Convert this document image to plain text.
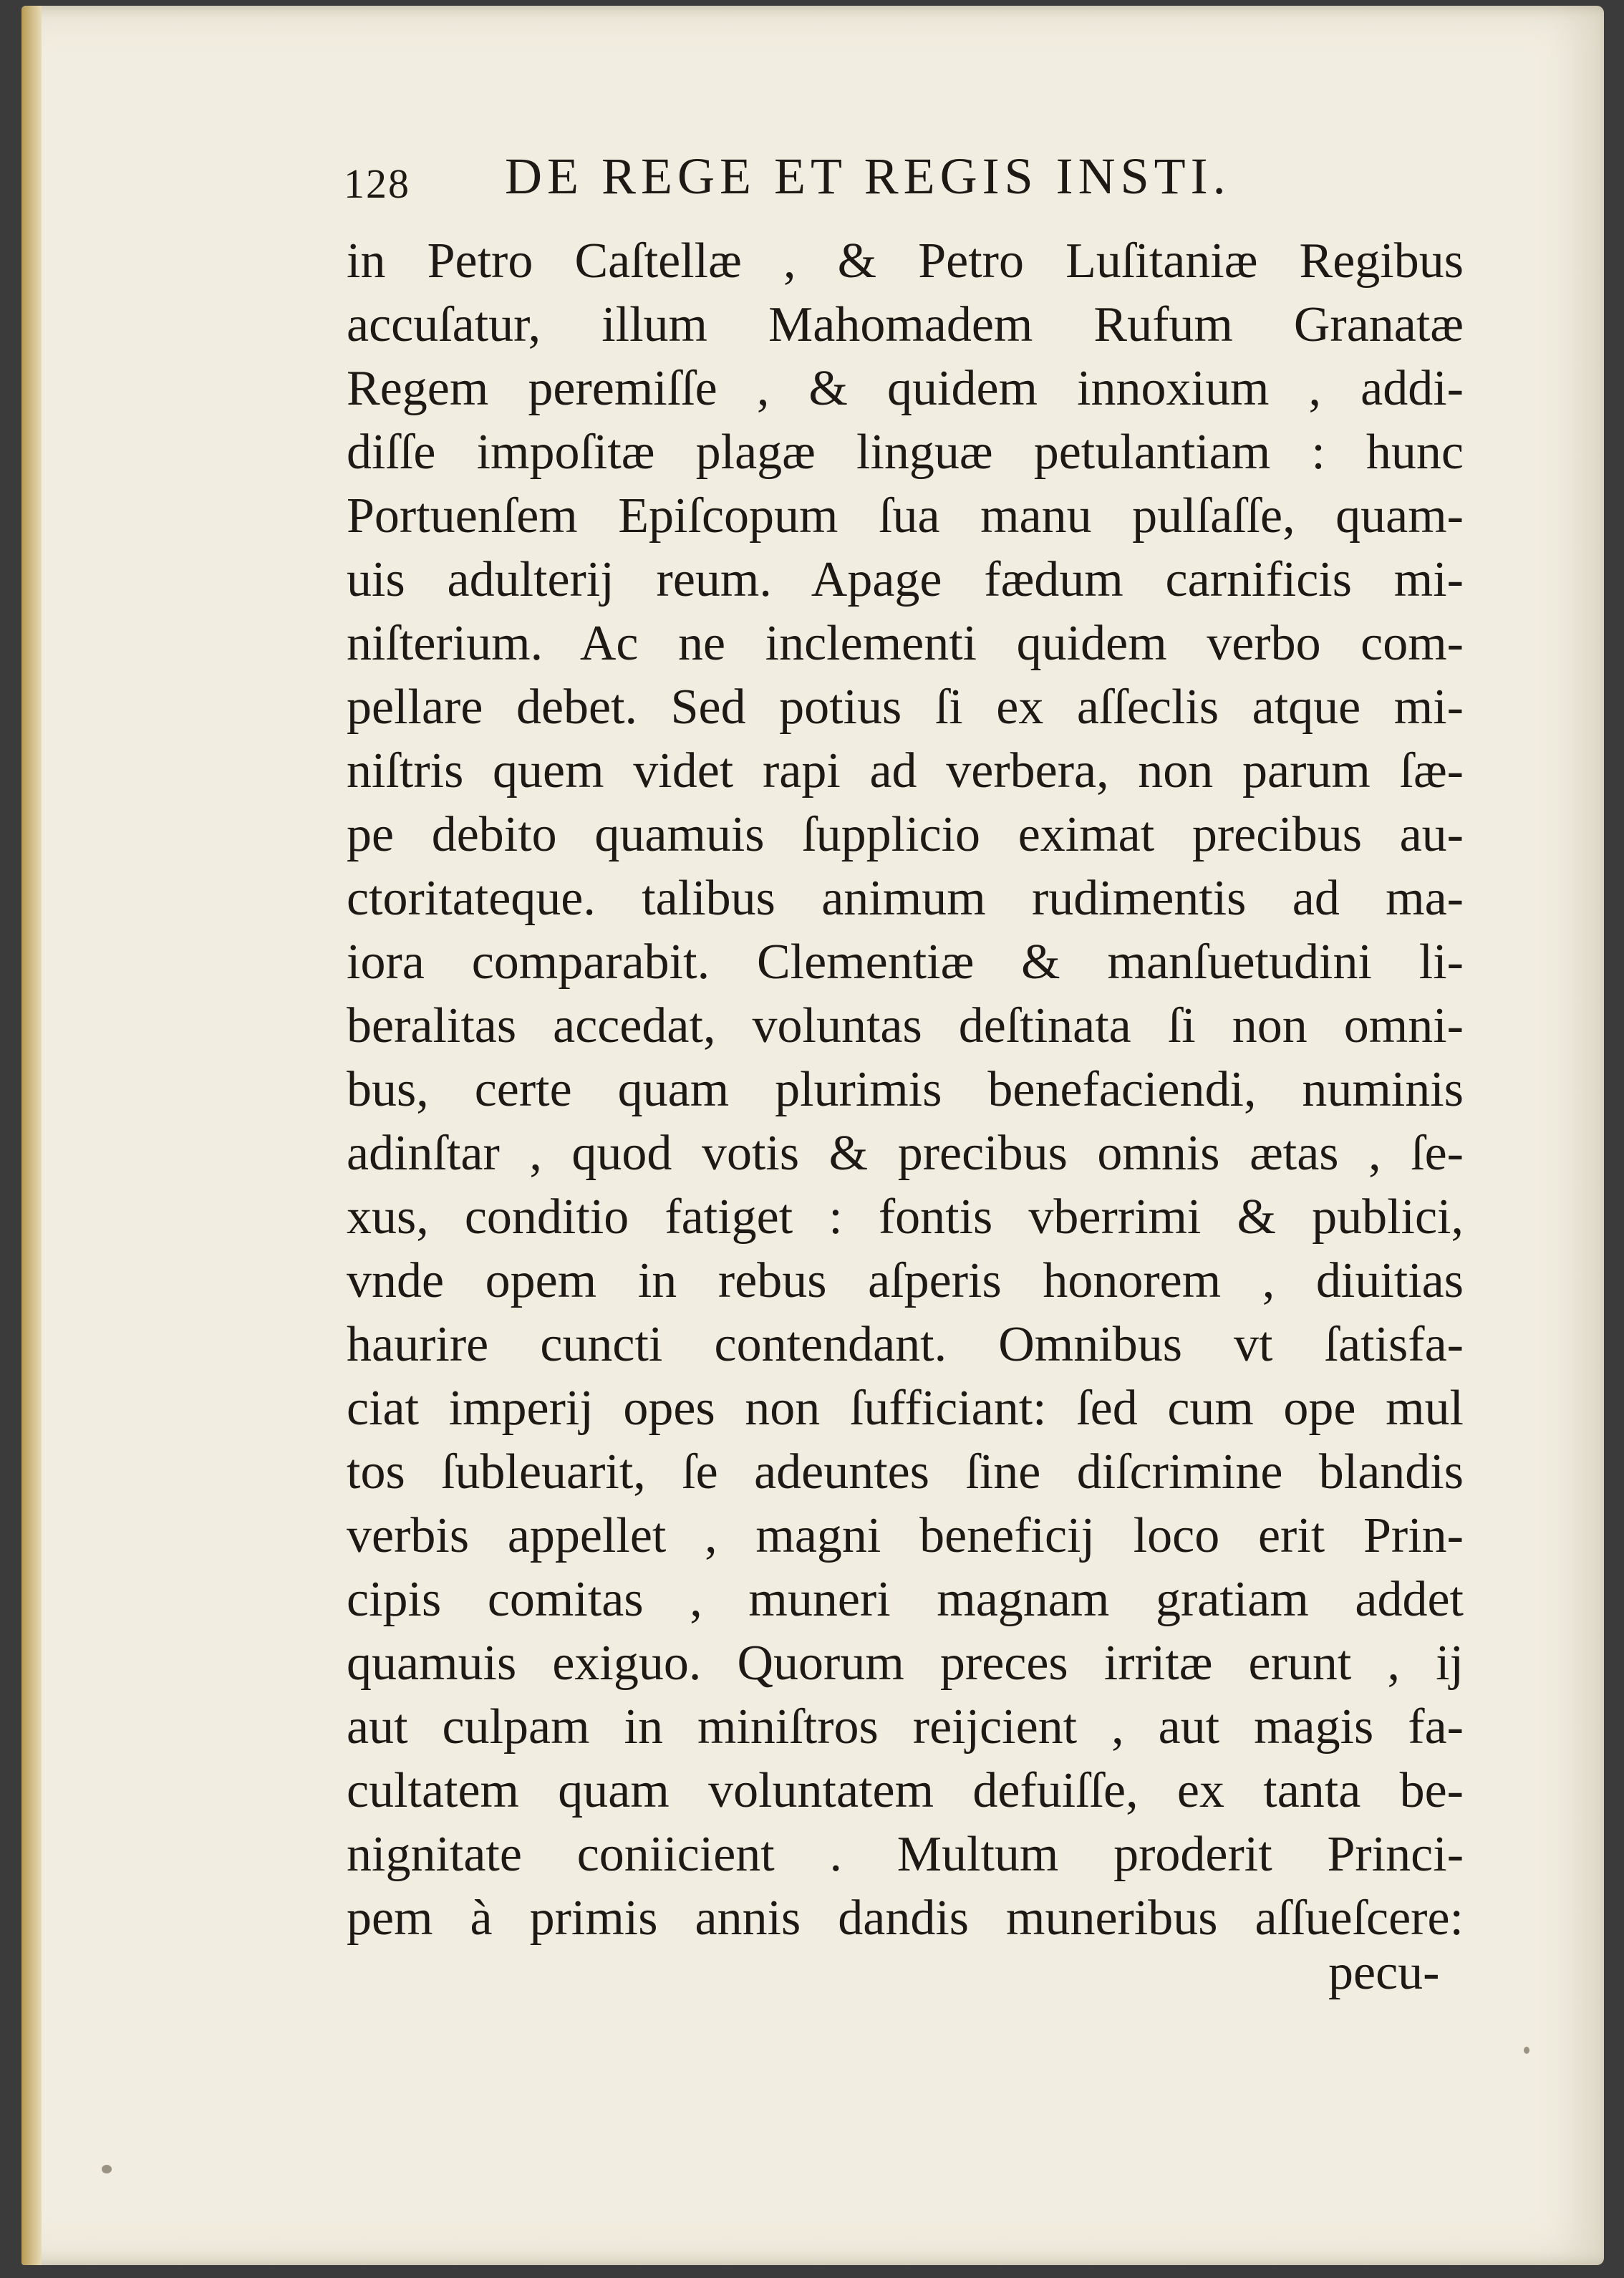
128 DE REGE ET REGIS INSTI.
in Petro Caſtellæ , & Petro Luſitaniæ Regibus
accuſatur, illum Mahomadem Rufum Granatæ
Regem peremiſſe , & quidem innoxium , addi-
diſſe impoſitæ plagæ linguæ petulantiam : hunc
Portuenſem Epiſcopum ſua manu pulſaſſe, quam-
uis adulterij reum. Apage fædum carnificis mi-
niſterium. Ac ne inclementi quidem verbo com-
pellare debet. Sed potius ſi ex aſſeclis atque mi-
niſtris quem videt rapi ad verbera, non parum ſæ-
pe debito quamuis ſupplicio eximat precibus au-
ctoritateque. talibus animum rudimentis ad ma-
iora comparabit. Clementiæ & manſuetudini li-
beralitas accedat, voluntas deſtinata ſi non omni-
bus, certe quam plurimis benefaciendi, numinis
adinſtar , quod votis & precibus omnis ætas , ſe-
xus, conditio fatiget : fontis vberrimi & publici,
vnde opem in rebus aſperis honorem , diuitias
haurire cuncti contendant. Omnibus vt ſatisfa-
ciat imperij opes non ſufficiant: ſed cum ope mul
tos ſubleuarit, ſe adeuntes ſine diſcrimine blandis
verbis appellet , magni beneficij loco erit Prin-
cipis comitas , muneri magnam gratiam addet
quamuis exiguo. Quorum preces irritæ erunt , ij
aut culpam in miniſtros reijcient , aut magis fa-
cultatem quam voluntatem defuiſſe, ex tanta be-
nignitate coniicient . Multum proderit Princi-
pem à primis annis dandis muneribus aſſueſcere:
pecu-
